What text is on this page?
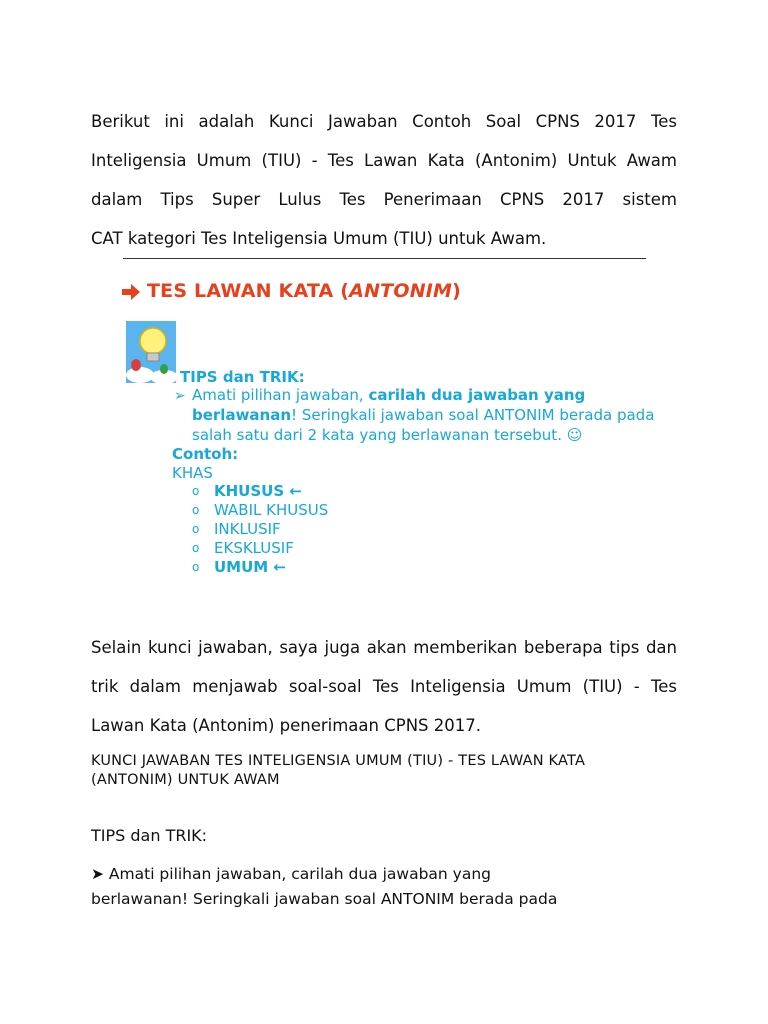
Berikut ini adalah Kunci Jawaban Contoh Soal CPNS 2017 Tes
Inteligensia Umum (TIU) - Tes Lawan Kata (Antonim) Untuk Awam
dalam Tips Super Lulus Tes Penerimaan CPNS 2017 sistem
CAT kategori Tes Inteligensia Umum (TIU) untuk Awam.

TES LAWAN KATA (ANTONIM)
TIPS dan TRIK:
➢ Amati pilihan jawaban, carilah dua jawaban yang
berlawanan! Seringkali jawaban soal ANTONIM berada pada
salah satu dari 2 kata yang berlawanan tersebut. ☺
Contoh:
KHAS
o KHUSUS ←
o WABIL KHUSUS
o INKLUSIF
o EKSKLUSIF
o UMUM ←

Selain kunci jawaban, saya juga akan memberikan beberapa tips dan
trik dalam menjawab soal-soal Tes Inteligensia Umum (TIU) - Tes
Lawan Kata (Antonim) penerimaan CPNS 2017.

KUNCI JAWABAN TES INTELIGENSIA UMUM (TIU) - TES LAWAN KATA
(ANTONIM) UNTUK AWAM

TIPS dan TRIK:

➤ Amati pilihan jawaban, carilah dua jawaban yang
berlawanan! Seringkali jawaban soal ANTONIM berada pada
